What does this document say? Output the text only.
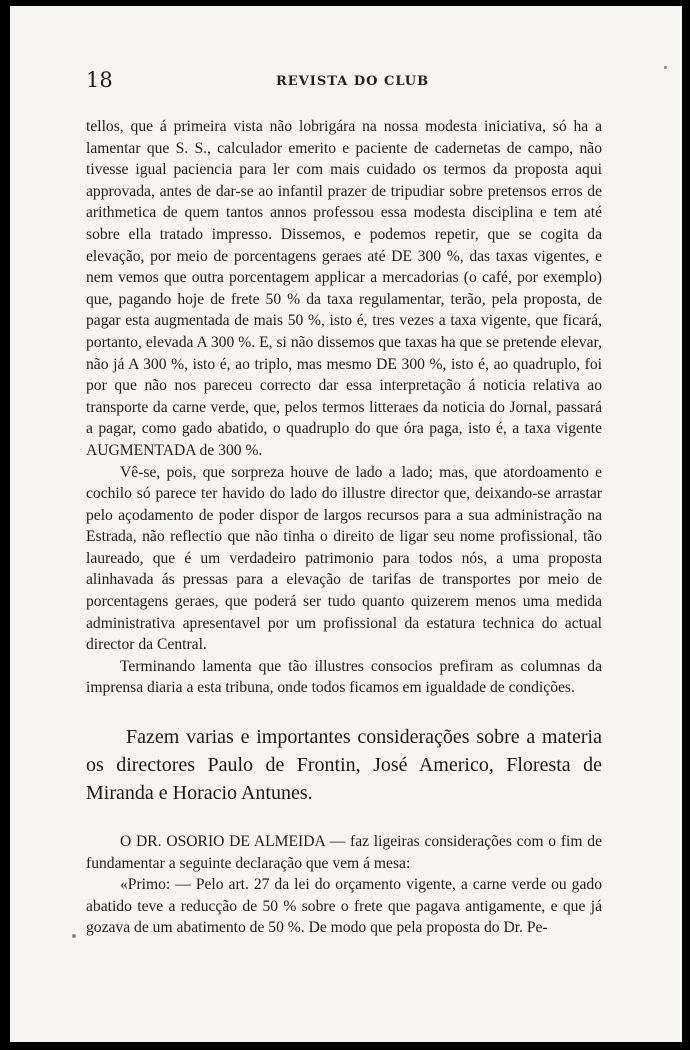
18	REVISTA DO CLUB

tellos, que á primeira vista não lobrigára na nossa modesta iniciativa, só ha a lamentar que S. S., calculador emerito e paciente de cadernetas de campo, não tivesse igual paciencia para ler com mais cuidado os termos da proposta aqui approvada, antes de dar-se ao infantil prazer de tripudiar sobre pretensos erros de arithmetica de quem tantos annos professou essa modesta disciplina e tem até sobre ella tratado impresso. Dissemos, e podemos repetir, que se cogita da elevação, por meio de porcentagens geraes até DE 300 %, das taxas vigentes, e nem vemos que outra porcentagem applicar a mercadorias (o café, por exemplo) que, pagando hoje de frete 50 % da taxa regulamentar, terão, pela proposta, de pagar esta augmentada de mais 50 %, isto é, tres vezes a taxa vigente, que ficará, portanto, elevada A 300 %. E, si não dissemos que taxas ha que se pretende elevar, não já A 300 %, isto é, ao triplo, mas mesmo DE 300 %, isto é, ao quadruplo, foi por que não nos pareceu correcto dar essa interpretação á noticia relativa ao transporte da carne verde, que, pelos termos litteraes da noticia do Jornal, passará a pagar, como gado abatido, o quadruplo do que óra paga, isto é, a taxa vigente AUGMENTADA de 300 %.

Vê-se, pois, que sorpreza houve de lado a lado; mas, que atordoamento e cochilo só parece ter havido do lado do illustre director que, deixando-se arrastar pelo açodamento de poder dispor de largos recursos para a sua administração na Estrada, não reflectio que não tinha o direito de ligar seu nome profissional, tão laureado, que é um verdadeiro patrimonio para todos nós, a uma proposta alinhavada ás pressas para a elevação de tarifas de transportes por meio de porcentagens geraes, que poderá ser tudo quanto quizerem menos uma medida administrativa apresentavel por um profissional da estatura technica do actual director da Central.

Terminando lamenta que tão illustres consocios prefiram as columnas da imprensa diaria a esta tribuna, onde todos ficamos em igualdade de condições.

Fazem varias e importantes considerações sobre a materia os directores Paulo de Frontin, José Americo, Floresta de Miranda e Horacio Antunes.

O DR. OSORIO DE ALMEIDA — faz ligeiras considerações com o fim de fundamentar a seguinte declaração que vem á mesa:

«Primo: — Pelo art. 27 da lei do orçamento vigente, a carne verde ou gado abatido teve a reducção de 50 % sobre o frete que pagava antigamente, e que já gozava de um abatimento de 50 %. De modo que pela proposta do Dr. Pe-
